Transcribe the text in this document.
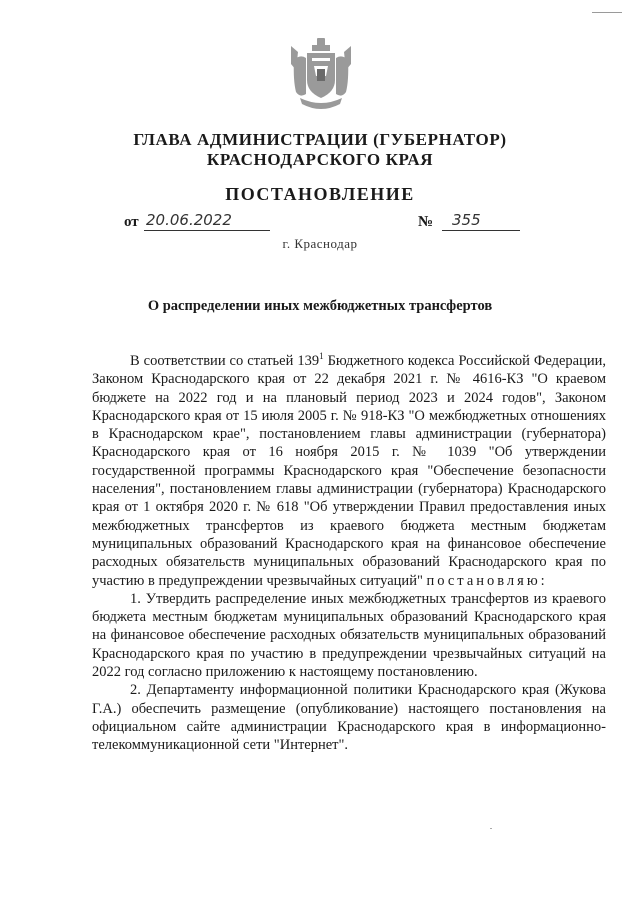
ГЛАВА АДМИНИСТРАЦИИ (ГУБЕРНАТОР)
КРАСНОДАРСКОГО КРАЯ
ПОСТАНОВЛЕНИЕ
от 20.06.2022	№ 355
г. Краснодар
О распределении иных межбюджетных трансфертов

В соответствии со статьей $139^1$ Бюджетного кодекса Российской Федерации, Законом Краснодарского края от 22 декабря 2021 г. № 4616-КЗ "О краевом бюджете на 2022 год и на плановый период 2023 и 2024 годов", Законом Краснодарского края от 15 июля 2005 г. № 918-КЗ "О межбюджетных отношениях в Краснодарском крае", постановлением главы администрации (губернатора) Краснодарского края от 16 ноября 2015 г. № 1039 "Об утверждении государственной программы Краснодарского края "Обеспечение безопасности населения", постановлением главы администрации (губернатора) Краснодарского края от 1 октября 2020 г. № 618 "Об утверждении Правил предоставления иных межбюджетных трансфертов из краевого бюджета местным бюджетам муниципальных образований Краснодарского края на финансовое обеспечение расходных обязательств муниципальных образований Краснодарского края по участию в предупреждении чрезвычайных ситуаций" постановляю:

1. Утвердить распределение иных межбюджетных трансфертов из краевого бюджета местным бюджетам муниципальных образований Краснодарского края на финансовое обеспечение расходных обязательств муниципальных образований Краснодарского края по участию в предупреждении чрезвычайных ситуаций на 2022 год согласно приложению к настоящему постановлению.

2. Департаменту информационной политики Краснодарского края (Жукова Г.А.) обеспечить размещение (опубликование) настоящего постановления на официальном сайте администрации Краснодарского края в информационно-телекоммуникационной сети "Интернет".
